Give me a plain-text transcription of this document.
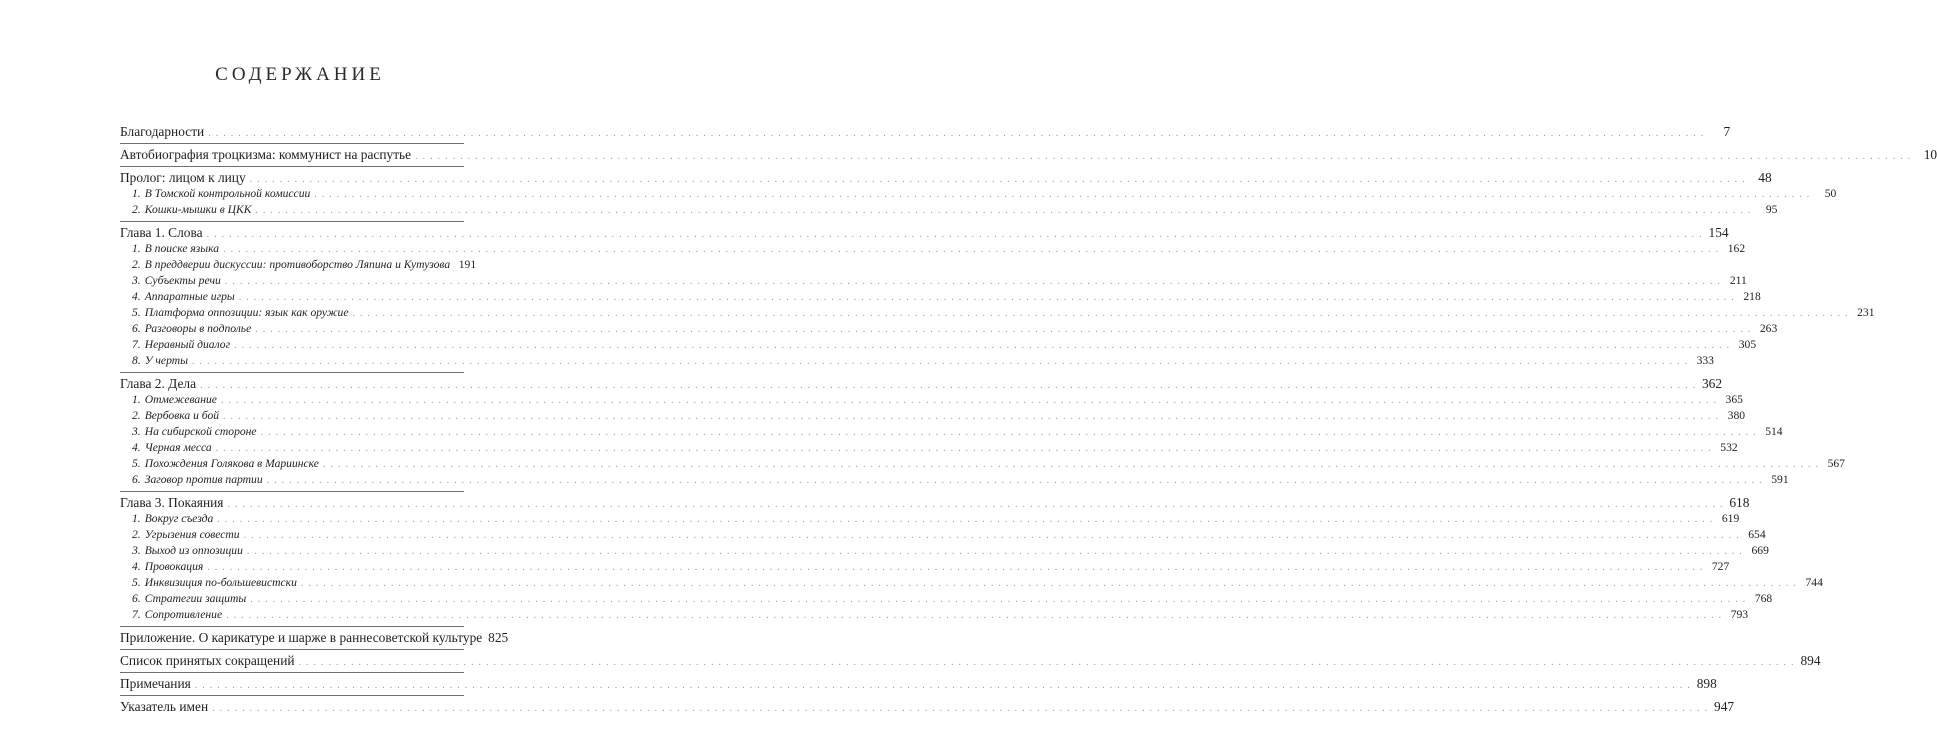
СОДЕРЖАНИЕ
Благодарности ........................................................................................................................................................................................................	7
Автобиография троцкизма: коммунист на распутье ........................................................................................................................................................................................................ 10
Пролог: лицом к лицу ........................................................................................................................................................................................................ 48
1. В Томской контрольной комиссии ........................................................................................................................................................................................................ 50
2. Кошки-мышки в ЦКК ........................................................................................................................................................................................................ 95
Глава 1. Слова ........................................................................................................................................................................................................ 154
1. В поиске языка ........................................................................................................................................................................................................ 162
2. В преддверии дискуссии: противоборство Ляпина и Кутузова 191
3. Субъекты речи ........................................................................................................................................................................................................ 211
4. Аппаратные игры ........................................................................................................................................................................................................ 218
5. Платформа оппозиции: язык как оружие ........................................................................................................................................................................................................ 231
6. Разговоры в подполье ........................................................................................................................................................................................................ 263
7. Неравный диалог ........................................................................................................................................................................................................ 305
8. У черты ........................................................................................................................................................................................................ 333
Глава 2. Дела ........................................................................................................................................................................................................ 362
1. Отмежевание ........................................................................................................................................................................................................ 365
2. Вербовка и бой ........................................................................................................................................................................................................ 380
3. На сибирской стороне ........................................................................................................................................................................................................ 514
4. Черная месса ........................................................................................................................................................................................................ 532
5. Похождения Голякова в Мариинске ........................................................................................................................................................................................................ 567
6. Заговор против партии ........................................................................................................................................................................................................ 591
Глава 3. Покаяния ........................................................................................................................................................................................................ 618
1. Вокруг съезда ........................................................................................................................................................................................................ 619
2. Угрызения совести ........................................................................................................................................................................................................ 654
3. Выход из оппозиции ........................................................................................................................................................................................................ 669
4. Провокация ........................................................................................................................................................................................................ 727
5. Инквизиция по-большевистски ........................................................................................................................................................................................................ 744
6. Стратегии защиты ........................................................................................................................................................................................................ 768
7. Сопротивление ........................................................................................................................................................................................................ 793
Приложение. О карикатуре и шарже в раннесоветской культуре 825
Список принятых сокращений ........................................................................................................................................................................................................ 894
Примечания ........................................................................................................................................................................................................ 898
Указатель имен ........................................................................................................................................................................................................ 947
